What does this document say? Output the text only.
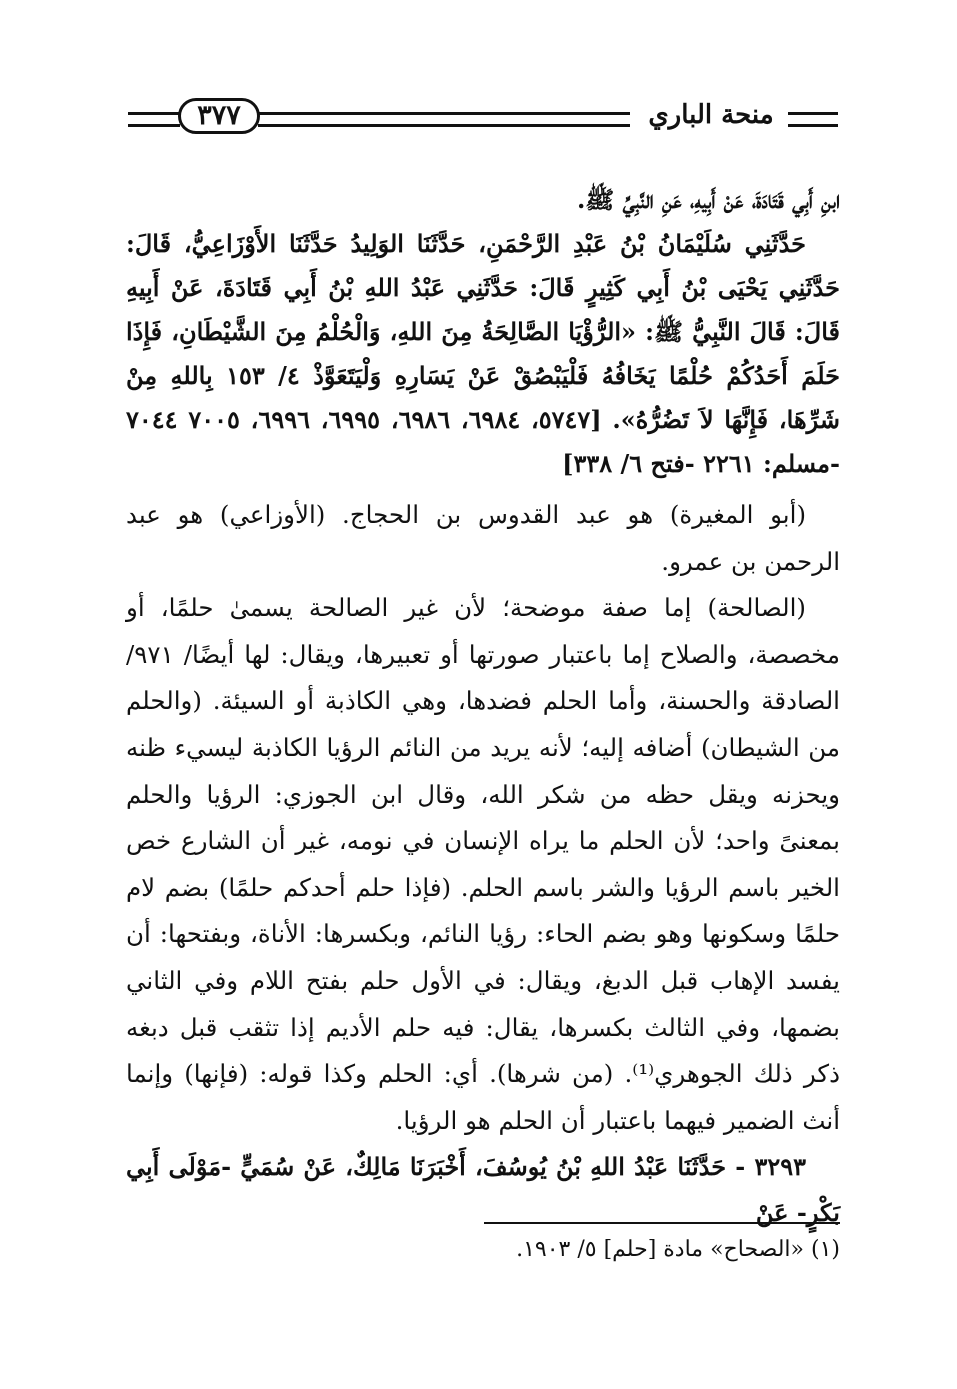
٣٧٧	منحة الباري

ابنِ أَبِي قَتَادَةَ، عَنْ أَبِيهِ، عَنِ النَّبِيِّ ﷺ.

حَدَّثَنِي سُلَيْمَانُ بْنُ عَبْدِ الرَّحْمَنِ، حَدَّثَنَا الوَلِيدُ حَدَّثَنَا الأَوْزَاعِيُّ، قَالَ: حَدَّثَنِي يَحْيَى بْنُ أَبِي كَثِيرٍ قَالَ: حَدَّثَنِي عَبْدُ اللهِ بْنُ أَبِي قَتَادَةَ، عَنْ أَبِيهِ قَالَ: قَالَ النَّبِيُّ ﷺ: «الرُّؤْيَا الصَّالِحَةُ مِنَ اللهِ، وَالْحُلْمُ مِنَ الشَّيْطَانِ، فَإِذَا حَلَمَ أَحَدُكُمْ حُلْمًا يَخَافُهُ فَلْيَبْصُقْ عَنْ يَسَارِهِ وَلْيَتَعَوَّذْ ٤/ ١٥٣ بِاللهِ مِنْ شَرِّهَا، فَإِنَّهَا لاَ تَضُرُّهُ». [٥٧٤٧، ٦٩٨٤، ٦٩٨٦، ٦٩٩٥، ٦٩٩٦، ٧٠٠٥ ٧٠٤٤ -مسلم: ٢٢٦١ -فتح ٦/ ٣٣٨]

(أبو المغيرة) هو عبد القدوس بن الحجاج. (الأوزاعي) هو عبد الرحمن بن عمرو.

(الصالحة) إما صفة موضحة؛ لأن غير الصالحة يسمىٰ حلمًا، أو مخصصة، والصلاح إما باعتبار صورتها أو تعبيرها، ويقال: لها أيضًا/ ٩٧١/ الصادقة والحسنة، وأما الحلم فضدها، وهي الكاذبة أو السيئة. (والحلم من الشيطان) أضافه إليه؛ لأنه يريد من النائم الرؤيا الكاذبة ليسيء ظنه ويحزنه ويقل حظه من شكر الله، وقال ابن الجوزي: الرؤيا والحلم بمعنىً واحد؛ لأن الحلم ما يراه الإنسان في نومه، غير أن الشارع خص الخير باسم الرؤيا والشر باسم الحلم. (فإذا حلم أحدكم حلمًا) بضم لام حلمًا وسكونها وهو بضم الحاء: رؤيا النائم، وبكسرها: الأناة، وبفتحها: أن يفسد الإهاب قبل الدبغ، ويقال: في الأول حلم بفتح اللام وفي الثاني بضمها، وفي الثالث بكسرها، يقال: فيه حلم الأديم إذا تثقب قبل دبغه ذكر ذلك الجوهري⁽¹⁾. (من شرها). أي: الحلم وكذا قوله: (فإنها) وإنما أنث الضمير فيهما باعتبار أن الحلم هو الرؤيا.

٣٢٩٣ - حَدَّثَنَا عَبْدُ اللهِ بْنُ يُوسُفَ، أَخْبَرَنَا مَالِكٌ، عَنْ سُمَيٍّ -مَوْلَى أَبِي بَكْرٍ- عَنْ

(١) «الصحاح» مادة [حلم] ٥/ ١٩٠٣.
